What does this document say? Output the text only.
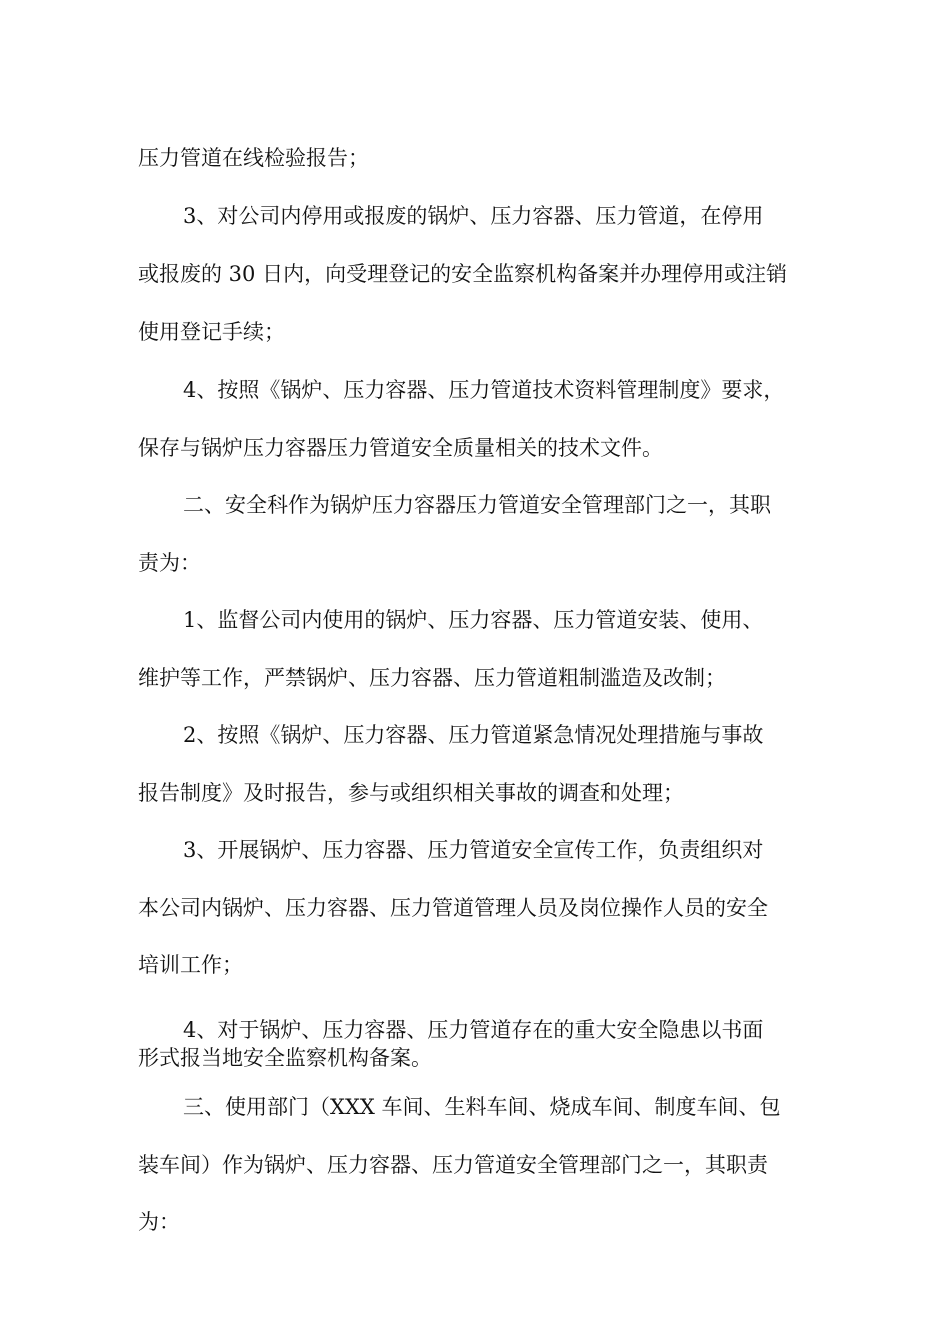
压力管道在线检验报告；
3、对公司内停用或报废的锅炉、压力容器、压力管道，在停用
或报废的 30 日内，向受理登记的安全监察机构备案并办理停用或注销
使用登记手续；
4、按照《锅炉、压力容器、压力管道技术资料管理制度》要求，
保存与锅炉压力容器压力管道安全质量相关的技术文件。
二、安全科作为锅炉压力容器压力管道安全管理部门之一，其职
责为：
1、监督公司内使用的锅炉、压力容器、压力管道安装、使用、
维护等工作，严禁锅炉、压力容器、压力管道粗制滥造及改制；
2、按照《锅炉、压力容器、压力管道紧急情况处理措施与事故
报告制度》及时报告，参与或组织相关事故的调查和处理；
3、开展锅炉、压力容器、压力管道安全宣传工作，负责组织对
本公司内锅炉、压力容器、压力管道管理人员及岗位操作人员的安全
培训工作；
4、对于锅炉、压力容器、压力管道存在的重大安全隐患以书面
形式报当地安全监察机构备案。
三、使用部门（XXX 车间、生料车间、烧成车间、制度车间、包
装车间）作为锅炉、压力容器、压力管道安全管理部门之一，其职责
为：
